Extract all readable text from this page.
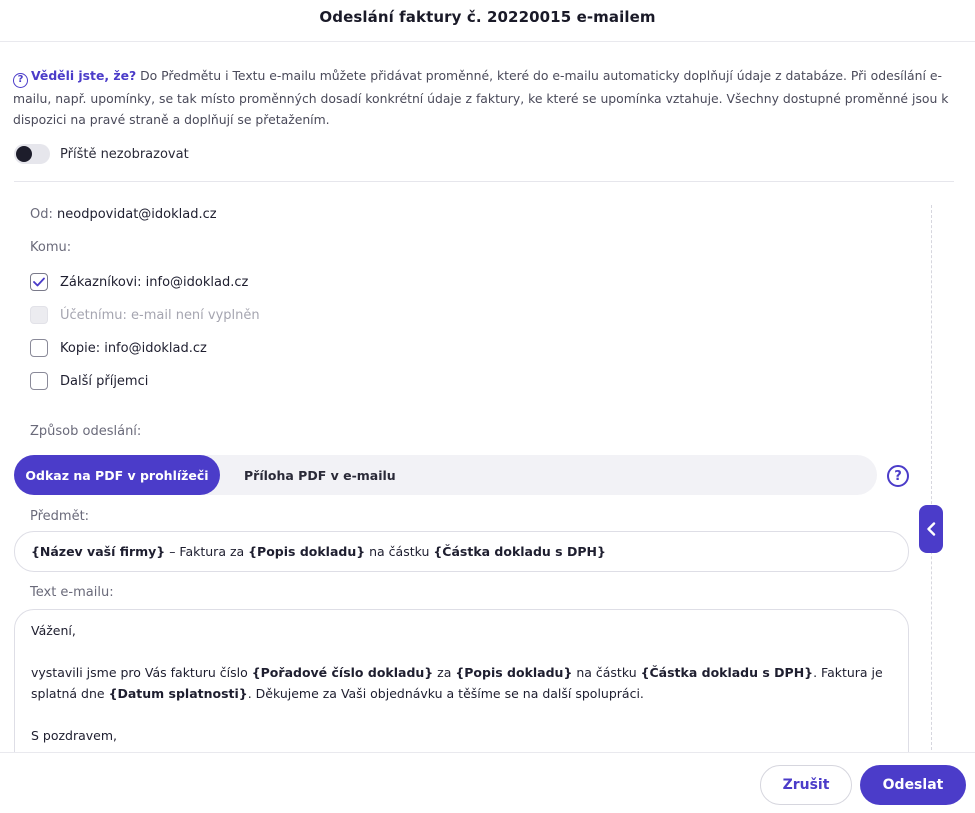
Odeslání faktury č. 20220015 e-mailem
? Věděli jste, že? Do Předmětu i Textu e-mailu můžete přidávat proměnné, které do e-mailu automaticky doplňují údaje z databáze. Při odesílání e-mailu, např. upomínky, se tak místo proměnných dosadí konkrétní údaje z faktury, ke které se upomínka vztahuje. Všechny dostupné proměnné jsou k dispozici na pravé straně a doplňují se přetažením.
Příště nezobrazovat
Od: neodpovidat@idoklad.cz
Komu:
Zákazníkovi: info@idoklad.cz
Účetnímu: e-mail není vyplněn
Kopie: info@idoklad.cz
Další příjemci
Způsob odeslání:
Odkaz na PDF v prohlížeči	Příloha PDF v e-mailu	?
Předmět:
{Název vaší firmy} – Faktura za {Popis dokladu} na částku {Částka dokladu s DPH}
Text e-mailu:

Vážení,

vystavili jsme pro Vás fakturu číslo {Pořadové číslo dokladu} za {Popis dokladu} na částku {Částka dokladu s DPH}. Faktura je splatná dne {Datum splatnosti}. Děkujeme za Vaši objednávku a těšíme se na další spolupráci.

S pozdravem,

Zrušit	Odeslat
